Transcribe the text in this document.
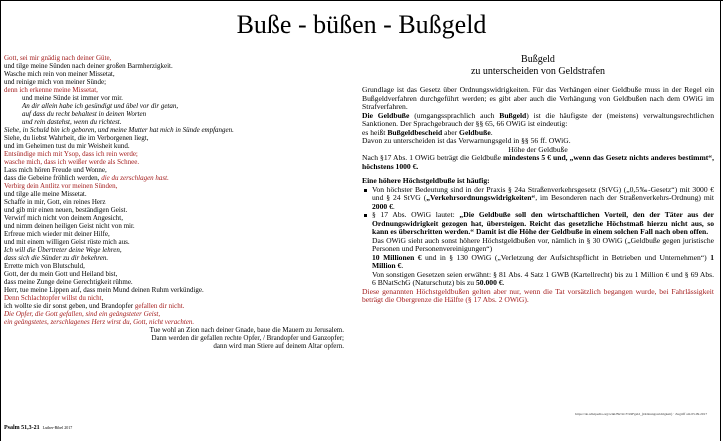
Buße - büßen - Bußgeld
Gott, sei mir gnädig nach deiner Güte,
und tilge meine Sünden nach deiner großen Barmherzigkeit.
Wasche mich rein von meiner Missetat,
und reinige mich von meiner Sünde;
denn ich erkenne meine Missetat,
und meine Sünde ist immer vor mir.
An dir allein habe ich gesündigt und übel vor dir getan,
auf dass du recht behaltest in deinen Worten
und rein dastehst, wenn du richtest.
Siehe, in Schuld bin ich geboren, und meine Mutter hat mich in Sünde empfangen.
Siehe, du liebst Wahrheit, die im Verborgenen liegt,
und im Geheimen tust du mir Weisheit kund.
Entsündige mich mit Ysop, dass ich rein werde;
wasche mich, dass ich weißer werde als Schnee.
Lass mich hören Freude und Wonne,
dass die Gebeine fröhlich werden, die du zerschlagen hast.
Verbirg dein Antlitz vor meinen Sünden,
und tilge alle meine Missetat.
Schaffe in mir, Gott, ein reines Herz
und gib mir einen neuen, beständigen Geist.
Verwirf mich nicht von deinem Angesicht,
und nimm deinen heiligen Geist nicht von mir.
Erfreue mich wieder mit deiner Hilfe,
und mit einem willigen Geist rüste mich aus.
Ich will die Übertreter deine Wege lehren,
dass sich die Sünder zu dir bekehren.
Errette mich von Blutschuld,
Gott, der du mein Gott und Heiland bist,
dass meine Zunge deine Gerechtigkeit rühme.
Herr, tue meine Lippen auf, dass mein Mund deinen Ruhm verkündige.
Denn Schlachtopfer willst du nicht,
ich wollte sie dir sonst geben, und Brandopfer gefallen dir nicht.
Die Opfer, die Gott gefallen, sind ein geängsteter Geist,
ein geängstetes, zerschlagenes Herz wirst du, Gott, nicht verachten.
Tue wohl an Zion nach deiner Gnade, baue die Mauern zu Jerusalem.
Dann werden dir gefallen rechte Opfer, / Brandopfer und Ganzopfer;
dann wird man Stiere auf deinem Altar opfern.
Psalm 51,3-21 Luther-Bibel 2017
Bußgeld
zu unterscheiden von Geldstrafen
Grundlage ist das Gesetz über Ordnungswidrigkeiten. Für das Verhängen einer Geldbuße muss in der Regel ein Bußgeldverfahren durchgeführt werden; es gibt aber auch die Verhängung von Geldbußen nach dem OWiG im Strafverfahren.
Die Geldbuße (umgangssprachlich auch Bußgeld) ist die häufigste der (meistens) verwaltungsrechtlichen Sanktionen. Der Sprachgebrauch der §§ 65, 66 OWiG ist eindeutig:
es heißt Bußgeldbescheid aber Geldbuße.
Davon zu unterscheiden ist das Verwarnungsgeld in §§ 56 ff. OWiG.
Höhe der Geldbuße
Nach §17 Abs. 1 OWiG beträgt die Geldbuße mindestens 5 € und, „wenn das Gesetz nichts anderes bestimmt“, höchstens 1000 €.
Eine höhere Höchstgeldbuße ist häufig:
Von höchster Bedeutung sind in der Praxis § 24a Straßenverkehrsgesetz (StVG) („0,5‰-Gesetz“) mit 3000 € und § 24 StVG („Verkehrsordnungswidrigkeiten“, im Besonderen nach der Straßenverkehrs-Ordnung) mit 2000 €.
§ 17 Abs. OWiG lautet: „Die Geldbuße soll den wirtschaftlichen Vorteil, den der Täter aus der Ordnungswidrigkeit gezogen hat, übersteigen. Reicht das gesetzliche Höchstmaß hierzu nicht aus, so kann es überschritten werden.“ Damit ist die Höhe der Geldbuße in einem solchen Fall nach oben offen.
Das OWiG sieht auch sonst höhere Höchstgeldbußen vor, nämlich in § 30 OWiG („Geldbuße gegen juristische Personen und Personenvereinigungen“)
10 Millionen € und in § 130 OWiG („Verletzung der Aufsichtspflicht in Betrieben und Unternehmen“) 1 Million €.
Von sonstigen Gesetzen seien erwähnt: § 81 Abs. 4 Satz 1 GWB (Kartellrecht) bis zu 1 Million € und § 69 Abs. 6 BNatSchG (Naturschutz) bis zu 50.000 €.
Diese genannten Höchstgeldbußen gelten aber nur, wenn die Tat vorsätzlich begangen wurde, bei Fahrlässigkeit beträgt die Obergrenze die Hälfte (§ 17 Abs. 2 OWiG).
https://de.wikipedia.org/wiki/Bu%C3%9Fgeld_(Ordnungswidrigkeit) · Zugriff am 05.09.2017
